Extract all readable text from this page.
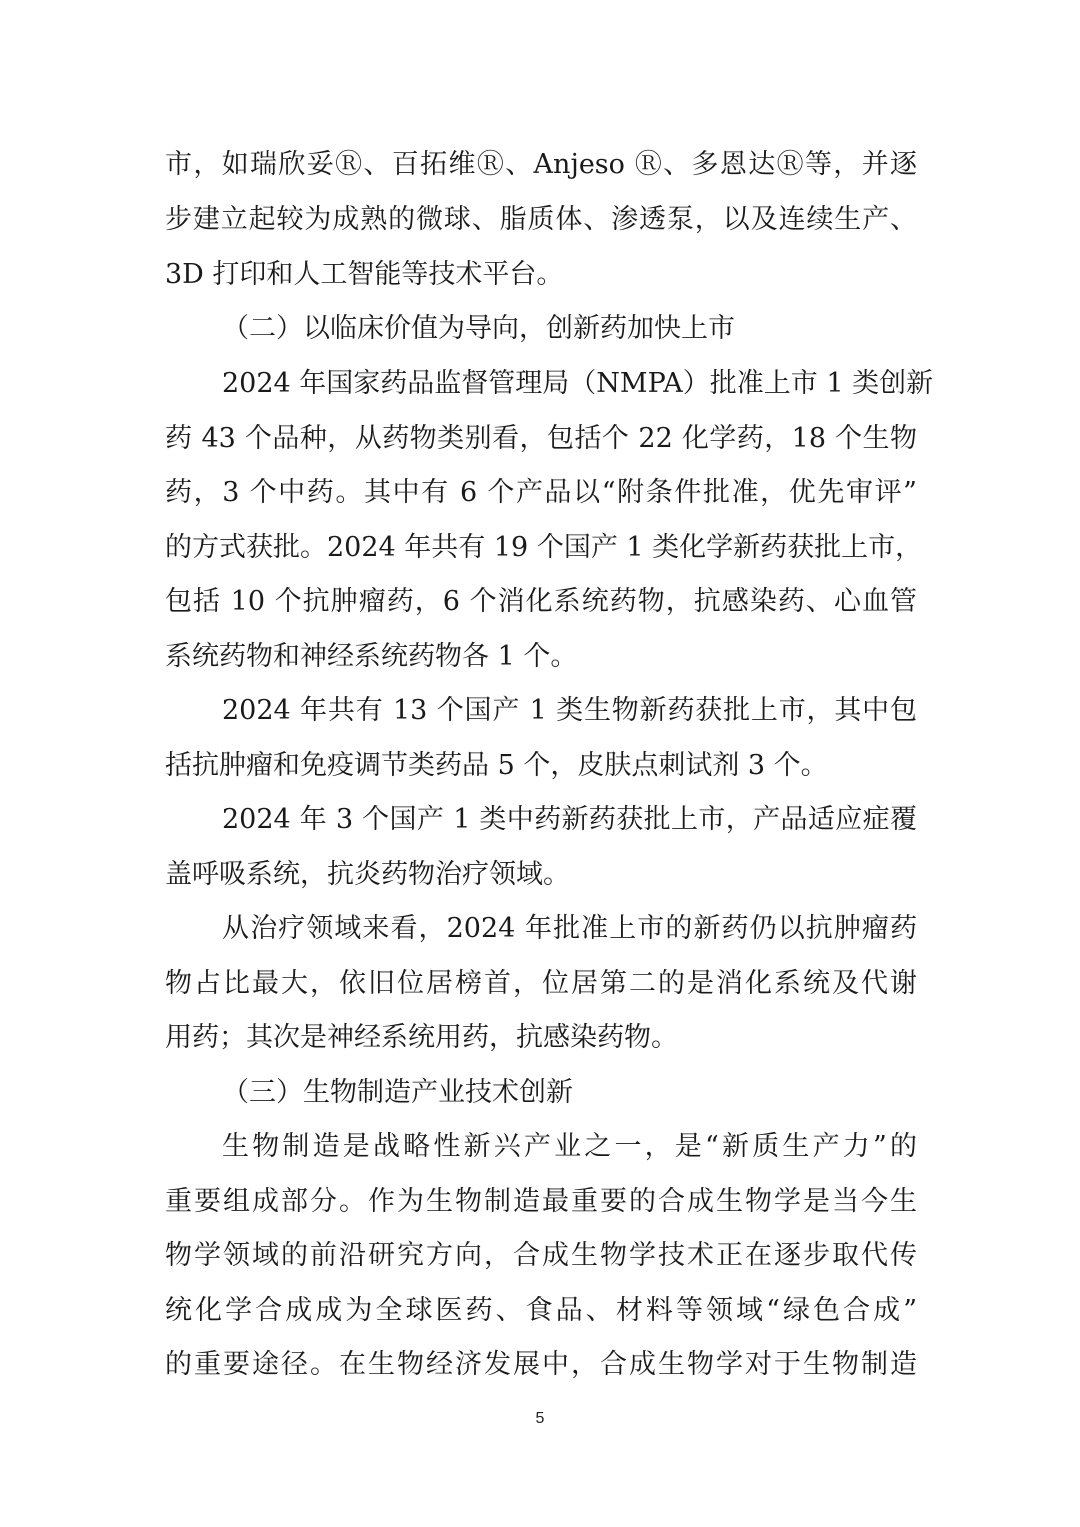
市，如瑞欣妥Ⓡ、百拓维Ⓡ、Anjeso Ⓡ、多恩达Ⓡ等，并逐
步建立起较为成熟的微球、脂质体、渗透泵，以及连续生产、
3D 打印和人工智能等技术平台。
（二）以临床价值为导向，创新药加快上市
2024 年国家药品监督管理局（NMPA）批准上市 1 类创新
药 43 个品种，从药物类别看，包括个 22 化学药，18 个生物
药，3 个中药。其中有 6 个产品以“附条件批准，优先审评”
的方式获批。2024 年共有 19 个国产 1 类化学新药获批上市，
包括 10 个抗肿瘤药，6 个消化系统药物，抗感染药、心血管
系统药物和神经系统药物各 1 个。
2024 年共有 13 个国产 1 类生物新药获批上市，其中包
括抗肿瘤和免疫调节类药品 5 个，皮肤点刺试剂 3 个。
2024 年 3 个国产 1 类中药新药获批上市，产品适应症覆
盖呼吸系统，抗炎药物治疗领域。
从治疗领域来看，2024 年批准上市的新药仍以抗肿瘤药
物占比最大，依旧位居榜首，位居第二的是消化系统及代谢
用药；其次是神经系统用药，抗感染药物。
（三）生物制造产业技术创新
生物制造是战略性新兴产业之一，是“新质生产力”的
重要组成部分。作为生物制造最重要的合成生物学是当今生
物学领域的前沿研究方向，合成生物学技术正在逐步取代传
统化学合成成为全球医药、食品、材料等领域“绿色合成”
的重要途径。在生物经济发展中，合成生物学对于生物制造
5
